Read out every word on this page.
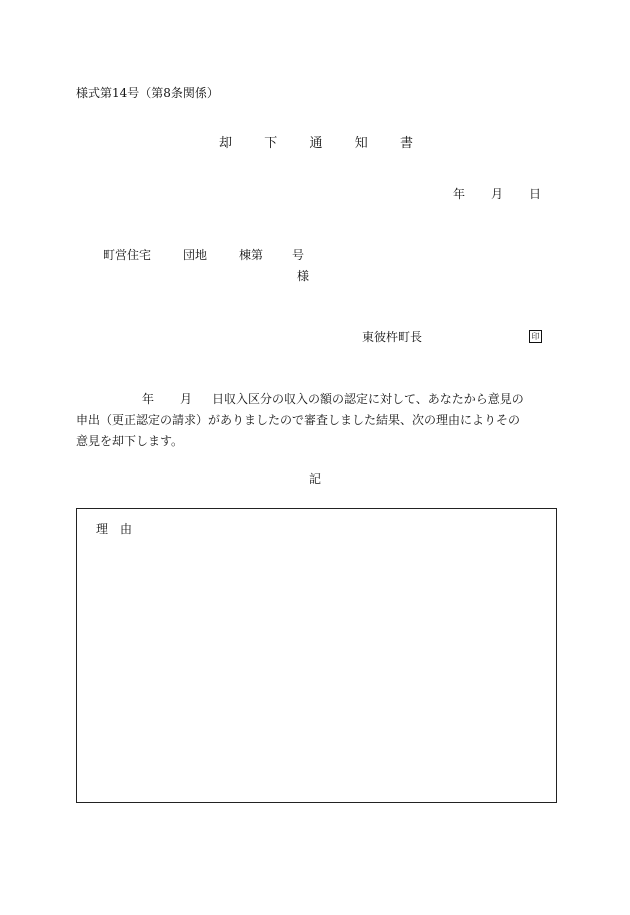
様式第14号（第8条関係）
却 下 通 知 書
年 月 日
町営住宅	団地	棟第 号
様
東彼杵町長	印
年 月 日収入区分の収入の額の認定に対して、あなたから意見の
申出（更正認定の請求）がありましたので審査しました結果、次の理由によりその
意見を却下します。
記
理 由
